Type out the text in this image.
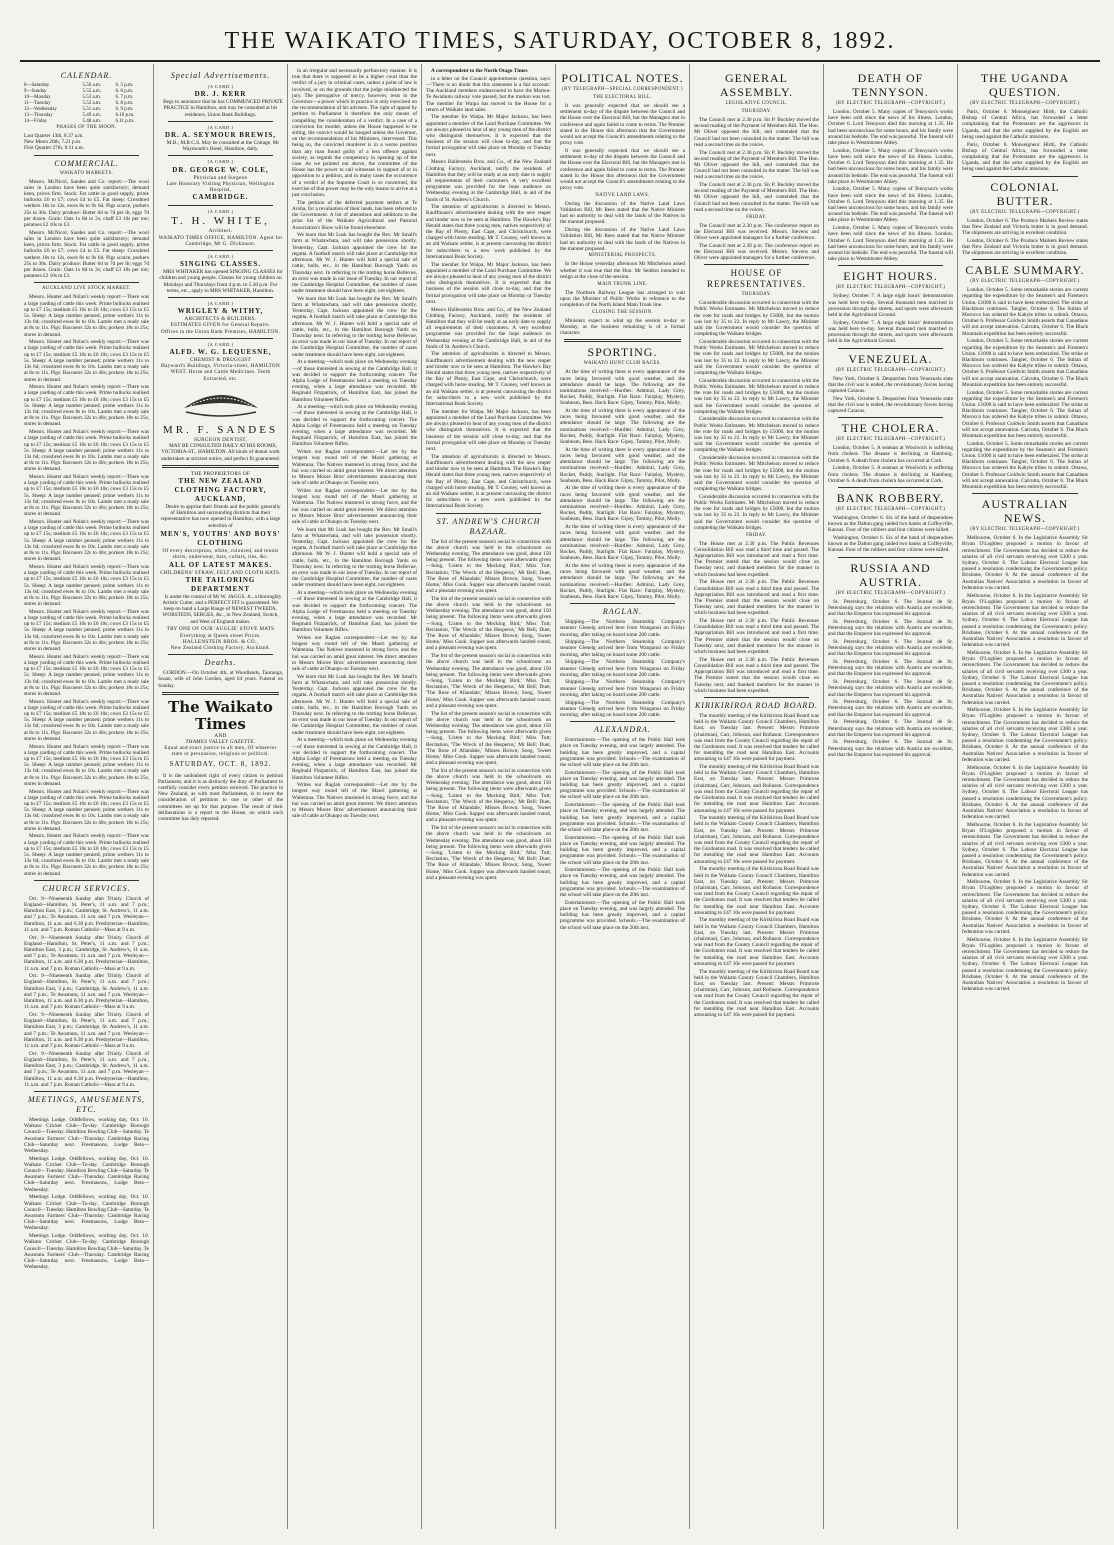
THE WAIKATO TIMES, SATURDAY, OCTOBER 8, 1892.
CALENDAR.
8—Saturday	5.56 a.m.	6. 5 p.m.
9—Sunday	5.55 a.m.	6. 6 p.m.
10—Monday	5.53 a.m.	6. 7 p.m.
11—Tuesday	5.52 a.m.	6. 8 p.m.
12—Wednesday	5.51 a.m.	6. 9 p.m.
13—Thursday	5.49 a.m.	6.10 p.m.
14—Friday	5.48 a.m.	6.11 p.m.
PHASES OF THE MOON.
Last Quarter 13th, 8.37 a.m.
New Moon 20th, 7.21 p.m.
First Quarter 27th, 9.11 a.m.
COMMERCIAL.
WAIKATO MARKETS.

Messrs. McNicol, Sandes and Co. report:—The wool sales in London have been quite satisfactory; demand keen, prices firm. Stock: Fat cattle in good supply, prime bullocks £6 to £7; cows £4 to £5. Fat sheep: Crossbred wethers 10s to 12s, ewes 8s to 9s 6d. Pigs scarce, porkers 25s to 30s. Dairy produce: Butter 6d to 7d per lb; eggs 7d per dozen. Grain: Oats 1s 8d to 2s; chaff £3 10s per ton; potatoes £2 10s to £3.

Messrs. McNicol, Sandes and Co. report:—The wool sales in London have been quite satisfactory; demand keen, prices firm. Stock: Fat cattle in good supply, prime bullocks £6 to £7; cows £4 to £5. Fat sheep: Crossbred wethers 10s to 12s, ewes 8s to 9s 6d. Pigs scarce, porkers 25s to 30s. Dairy produce: Butter 6d to 7d per lb; eggs 7d per dozen. Grain: Oats 1s 8d to 2s; chaff £3 10s per ton; potatoes £2 10s to £3.

AUCKLAND LIVE STOCK MARKET.

Messrs. Hunter and Nolan's weekly report:—There was a large yarding of cattle this week. Prime bullocks realised up to £7 15s; medium £5 10s to £6 10s; cows £3 15s to £5 5s. Sheep: A large number penned; prime wethers 11s to 13s 6d; crossbred ewes 8s to 10s. Lambs met a ready sale at 8s to 11s. Pigs: Baconers 32s to 40s; porkers 18s to 25s; stores in demand.

Messrs. Hunter and Nolan's weekly report:—There was a large yarding of cattle this week. Prime bullocks realised up to £7 15s; medium £5 10s to £6 10s; cows £3 15s to £5 5s. Sheep: A large number penned; prime wethers 11s to 13s 6d; crossbred ewes 8s to 10s. Lambs met a ready sale at 8s to 11s. Pigs: Baconers 32s to 40s; porkers 18s to 25s; stores in demand.

Messrs. Hunter and Nolan's weekly report:—There was a large yarding of cattle this week. Prime bullocks realised up to £7 15s; medium £5 10s to £6 10s; cows £3 15s to £5 5s. Sheep: A large number penned; prime wethers 11s to 13s 6d; crossbred ewes 8s to 10s. Lambs met a ready sale at 8s to 11s. Pigs: Baconers 32s to 40s; porkers 18s to 25s; stores in demand.

Messrs. Hunter and Nolan's weekly report:—There was a large yarding of cattle this week. Prime bullocks realised up to £7 15s; medium £5 10s to £6 10s; cows £3 15s to £5 5s. Sheep: A large number penned; prime wethers 11s to 13s 6d; crossbred ewes 8s to 10s. Lambs met a ready sale at 8s to 11s. Pigs: Baconers 32s to 40s; porkers 18s to 25s; stores in demand.

Messrs. Hunter and Nolan's weekly report:—There was a large yarding of cattle this week. Prime bullocks realised up to £7 15s; medium £5 10s to £6 10s; cows £3 15s to £5 5s. Sheep: A large number penned; prime wethers 11s to 13s 6d; crossbred ewes 8s to 10s. Lambs met a ready sale at 8s to 11s. Pigs: Baconers 32s to 40s; porkers 18s to 25s; stores in demand.

Messrs. Hunter and Nolan's weekly report:—There was a large yarding of cattle this week. Prime bullocks realised up to £7 15s; medium £5 10s to £6 10s; cows £3 15s to £5 5s. Sheep: A large number penned; prime wethers 11s to 13s 6d; crossbred ewes 8s to 10s. Lambs met a ready sale at 8s to 11s. Pigs: Baconers 32s to 40s; porkers 18s to 25s; stores in demand.

Messrs. Hunter and Nolan's weekly report:—There was a large yarding of cattle this week. Prime bullocks realised up to £7 15s; medium £5 10s to £6 10s; cows £3 15s to £5 5s. Sheep: A large number penned; prime wethers 11s to 13s 6d; crossbred ewes 8s to 10s. Lambs met a ready sale at 8s to 11s. Pigs: Baconers 32s to 40s; porkers 18s to 25s; stores in demand.

Messrs. Hunter and Nolan's weekly report:—There was a large yarding of cattle this week. Prime bullocks realised up to £7 15s; medium £5 10s to £6 10s; cows £3 15s to £5 5s. Sheep: A large number penned; prime wethers 11s to 13s 6d; crossbred ewes 8s to 10s. Lambs met a ready sale at 8s to 11s. Pigs: Baconers 32s to 40s; porkers 18s to 25s; stores in demand.

Messrs. Hunter and Nolan's weekly report:—There was a large yarding of cattle this week. Prime bullocks realised up to £7 15s; medium £5 10s to £6 10s; cows £3 15s to £5 5s. Sheep: A large number penned; prime wethers 11s to 13s 6d; crossbred ewes 8s to 10s. Lambs met a ready sale at 8s to 11s. Pigs: Baconers 32s to 40s; porkers 18s to 25s; stores in demand.

Messrs. Hunter and Nolan's weekly report:—There was a large yarding of cattle this week. Prime bullocks realised up to £7 15s; medium £5 10s to £6 10s; cows £3 15s to £5 5s. Sheep: A large number penned; prime wethers 11s to 13s 6d; crossbred ewes 8s to 10s. Lambs met a ready sale at 8s to 11s. Pigs: Baconers 32s to 40s; porkers 18s to 25s; stores in demand.

Messrs. Hunter and Nolan's weekly report:—There was a large yarding of cattle this week. Prime bullocks realised up to £7 15s; medium £5 10s to £6 10s; cows £3 15s to £5 5s. Sheep: A large number penned; prime wethers 11s to 13s 6d; crossbred ewes 8s to 10s. Lambs met a ready sale at 8s to 11s. Pigs: Baconers 32s to 40s; porkers 18s to 25s; stores in demand.

Messrs. Hunter and Nolan's weekly report:—There was a large yarding of cattle this week. Prime bullocks realised up to £7 15s; medium £5 10s to £6 10s; cows £3 15s to £5 5s. Sheep: A large number penned; prime wethers 11s to 13s 6d; crossbred ewes 8s to 10s. Lambs met a ready sale at 8s to 11s. Pigs: Baconers 32s to 40s; porkers 18s to 25s; stores in demand.

Messrs. Hunter and Nolan's weekly report:—There was a large yarding of cattle this week. Prime bullocks realised up to £7 15s; medium £5 10s to £6 10s; cows £3 15s to £5 5s. Sheep: A large number penned; prime wethers 11s to 13s 6d; crossbred ewes 8s to 10s. Lambs met a ready sale at 8s to 11s. Pigs: Baconers 32s to 40s; porkers 18s to 25s; stores in demand.

CHURCH SERVICES.

Oct. 9—Nineteenth Sunday after Trinity. Church of England—Hamilton, St. Peter's, 11 a.m. and 7 p.m.; Hamilton East, 3 p.m.; Cambridge, St. Andrew's, 11 a.m. and 7 p.m.; Te Awamutu, 11 a.m. and 7 p.m. Wesleyan—Hamilton, 11 a.m. and 6.30 p.m. Presbyterian—Hamilton, 11 a.m. and 7 p.m. Roman Catholic—Mass at 9 a.m.

Oct. 9—Nineteenth Sunday after Trinity. Church of England—Hamilton, St. Peter's, 11 a.m. and 7 p.m.; Hamilton East, 3 p.m.; Cambridge, St. Andrew's, 11 a.m. and 7 p.m.; Te Awamutu, 11 a.m. and 7 p.m. Wesleyan—Hamilton, 11 a.m. and 6.30 p.m. Presbyterian—Hamilton, 11 a.m. and 7 p.m. Roman Catholic—Mass at 9 a.m.

Oct. 9—Nineteenth Sunday after Trinity. Church of England—Hamilton, St. Peter's, 11 a.m. and 7 p.m.; Hamilton East, 3 p.m.; Cambridge, St. Andrew's, 11 a.m. and 7 p.m.; Te Awamutu, 11 a.m. and 7 p.m. Wesleyan—Hamilton, 11 a.m. and 6.30 p.m. Presbyterian—Hamilton, 11 a.m. and 7 p.m. Roman Catholic—Mass at 9 a.m.

Oct. 9—Nineteenth Sunday after Trinity. Church of England—Hamilton, St. Peter's, 11 a.m. and 7 p.m.; Hamilton East, 3 p.m.; Cambridge, St. Andrew's, 11 a.m. and 7 p.m.; Te Awamutu, 11 a.m. and 7 p.m. Wesleyan—Hamilton, 11 a.m. and 6.30 p.m. Presbyterian—Hamilton, 11 a.m. and 7 p.m. Roman Catholic—Mass at 9 a.m.

Oct. 9—Nineteenth Sunday after Trinity. Church of England—Hamilton, St. Peter's, 11 a.m. and 7 p.m.; Hamilton East, 3 p.m.; Cambridge, St. Andrew's, 11 a.m. and 7 p.m.; Te Awamutu, 11 a.m. and 7 p.m. Wesleyan—Hamilton, 11 a.m. and 6.30 p.m. Presbyterian—Hamilton, 11 a.m. and 7 p.m. Roman Catholic—Mass at 9 a.m.

MEETINGS, AMUSEMENTS, ETC.

Meetings Lodge. Oddfellows, working day, Oct. 10. Waikato Cricket Club—To-day. Cambridge Borough Council—Tuesday. Hamilton Bowling Club—Saturday. Te Awamutu Farmers' Club—Thursday. Cambridge Racing Club—Saturday next. Freemasons, Lodge Beta—Wednesday.

Meetings Lodge. Oddfellows, working day, Oct. 10. Waikato Cricket Club—To-day. Cambridge Borough Council—Tuesday. Hamilton Bowling Club—Saturday. Te Awamutu Farmers' Club—Thursday. Cambridge Racing Club—Saturday next. Freemasons, Lodge Beta—Wednesday.

Meetings Lodge. Oddfellows, working day, Oct. 10. Waikato Cricket Club—To-day. Cambridge Borough Council—Tuesday. Hamilton Bowling Club—Saturday. Te Awamutu Farmers' Club—Thursday. Cambridge Racing Club—Saturday next. Freemasons, Lodge Beta—Wednesday.

Meetings Lodge. Oddfellows, working day, Oct. 10. Waikato Cricket Club—To-day. Cambridge Borough Council—Tuesday. Hamilton Bowling Club—Saturday. Te Awamutu Farmers' Club—Thursday. Cambridge Racing Club—Saturday next. Freemasons, Lodge Beta—Wednesday.

Special Advertisements.
[A CARD.]
DR. J. KERR

Begs to announce that he has COMMENCED PRIVATE PRACTICE in Hamilton, and may be consulted at his residence, Union Bank Buildings.

[A CARD.]
DR. A. SEYMOUR BREWIS,

M.B., M.R.C.S. May be consulted at the Cottage, Mr Waymouth's Hotel, Hamilton, daily.

[A CARD.]
DR. GEORGE W. COLE,
Physician and Surgeon
Late Honorary Visiting Physician, Wellington Hospital,
CAMBRIDGE.
[A CARD.]
T. H. WHITE,
Architect.
WAIKATO TIMES OFFICE, HAMILTON. Agent for Cambridge, Mr G. Dickinson.
[A CARD.]
SINGING CLASSES.

MRS WHITAKER has opened SINGING CLASSES for children and young people. Classes for young children on Mondays and Thursdays from 4 p.m. to 5.30 p.m. For terms, etc., apply to MRS WHITAKER, Hamilton.

[A CARD.]
WRIGLEY & WITHY,
ARCHITECTS & BUILDERS.
ESTIMATES GIVEN for General Repairs.
Offices in the Union Bank Premises, HAMILTON.
[A CARD.]
ALFD. W. G. LEQUESNE,
CHEMIST & DRUGGIST
Hayward's Buildings, Victoria-street, HAMILTON WEST. Horse and Cattle Medicines. Teeth Extracted, etc.
MR. F. SANDES
SURGEON DENTIST,

MAY BE CONSULTED DAILY AT HIS ROOMS, VICTORIA-ST., HAMILTON. All kinds of dental work undertaken at strictest notice, and perfect fit guaranteed.

THE PROPRIETORS OF
THE NEW ZEALAND CLOTHING FACTORY, AUCKLAND,

Desire to apprise their friends and the public generally of Hamilton and surrounding districts that their representative has now opened in Hamilton, with a large selection of

MEN'S, YOUTHS' AND BOYS' CLOTHING
Of every description, white, coloured, and tennis shirts, underwear, hats, collars, ties, &c.
ALL OF LATEST MAKES.
CHILDRENS' STRAW, FELT AND CLOTH HATS.
THE TAILORING DEPARTMENT

Is under the control of Mr W. JAGGS, Jr., a thoroughly Artistic Cutter, and a PERFECT FIT is guaranteed. We keep on hand a Large Range of NEWEST TWEEDS, WORSTEDS, SERGES, &c., in New Zealand, Scotch, and West of England makes.

TRY ONE OF OUR 'AUGLIE' STOVE MATS
Everything at Queen street Prices.
HALLENSTEIN BROS. & CO.,
New Zealand Clothing Factory, Auckland.
Deaths.

GORDON.—On October 4th, at Woodlands, Tauranga, Susan, wife of John Gordon, aged 64 years. Funeral on Sunday.

The Waikato Times
AND
THAMES VALLEY GAZETTE.
Equal and exact justice to all men, Of whatever state or persuasion, religious or political.
SATURDAY, OCT. 8, 1892.

It is the undoubted right of every citizen to petition Parliament, and it is as distinctly the duty of Parliament to carefully consider every petition received. The practice in New Zealand, as with most Parliaments, is to leave the consideration of petitions to one or other of the committees set up for that purpose. The result of their deliberations is a report to the House, on which each committee has duly reported.

in an irregular and necessarily perfunctory manner. It is true that there is supposed to be a higher court than the verdict of a jury in criminal cases, unless a point of law is involved, or on the grounds that the judge misdirected the jury. The prerogative of mercy, however, rests in the Governor—a power which in practice is only exercised on the recommendation of his advisers. The right of appeal by petition to Parliament is therefore the only means of compelling the consideration of a verdict. In a case of a conviction for murder, unless the House happened to be sitting, the convict would be hanged unless the Governor, on the recommendation of his Ministers, intervened. This being so, the convicted murderer is in a worse position than any man found guilty of a less offence against society, as regards the competency in opening up of the case. As we pointed out above, the committee of the House has the power to call witnesses in support of or in opposition to a petition, and in many cases the occurrence of a verdict of the Supreme Court is so concerned, the exercise of that power may be the only means to arrive at a just conclusion.

The petition of the deferred payment settlers at Te Aroha, for a revaluation of their lands, has been referred to the Government. A list of alterations and additions to the prize list of the Waikato Agricultural and Pastoral Association's Show will be found elsewhere.

We learn that Mr Lusk has bought the Rev. Mr Small's farm at Whatawhata, and will take possession shortly. Yesterday, Capt. Jackson appointed the crew for the regatta. A football match will take place at Cambridge this afternoon. Mr W. J. Hunter will hold a special sale of cattle, bulls, etc., in the Hamilton Borough Yards on Thursday next. In referring to the trotting horse Bellevue, an error was made in our issue of Tuesday. In our report of the Cambridge Hospital Committee, the number of cases under treatment should have been eight, not eighteen.

We learn that Mr Lusk has bought the Rev. Mr Small's farm at Whatawhata, and will take possession shortly. Yesterday, Capt. Jackson appointed the crew for the regatta. A football match will take place at Cambridge this afternoon. Mr W. J. Hunter will hold a special sale of cattle, bulls, etc., in the Hamilton Borough Yards on Thursday next. In referring to the trotting horse Bellevue, an error was made in our issue of Tuesday. In our report of the Cambridge Hospital Committee, the number of cases under treatment should have been eight, not eighteen.

At a meeting—which took place on Wednesday evening—of those interested in sewing at the Cambridge Hall, it was decided to support the forthcoming concert. The Alpha Lodge of Freemasons held a meeting on Tuesday evening, when a large attendance was recorded. Mr Reginald Fitzpatrick, of Hamilton East, has joined the Hamilton Volunteer Rifles.

At a meeting—which took place on Wednesday evening—of those interested in sewing at the Cambridge Hall, it was decided to support the forthcoming concert. The Alpha Lodge of Freemasons held a meeting on Tuesday evening, when a large attendance was recorded. Mr Reginald Fitzpatrick, of Hamilton East, has joined the Hamilton Volunteer Rifles.

Writes our Raglan correspondent:—Let me by the longest way round tell of the Maori gathering at Waitetuna. The Natives mustered in strong force, and the hui was carried on amid great interest. We direct attention to Messrs Moore Bros' advertisement announcing their sale of cattle at Ohaupo on Tuesday next.

Writes our Raglan correspondent:—Let me by the longest way round tell of the Maori gathering at Waitetuna. The Natives mustered in strong force, and the hui was carried on amid great interest. We direct attention to Messrs Moore Bros' advertisement announcing their sale of cattle at Ohaupo on Tuesday next.

We learn that Mr Lusk has bought the Rev. Mr Small's farm at Whatawhata, and will take possession shortly. Yesterday, Capt. Jackson appointed the crew for the regatta. A football match will take place at Cambridge this afternoon. Mr W. J. Hunter will hold a special sale of cattle, bulls, etc., in the Hamilton Borough Yards on Thursday next. In referring to the trotting horse Bellevue, an error was made in our issue of Tuesday. In our report of the Cambridge Hospital Committee, the number of cases under treatment should have been eight, not eighteen.

At a meeting—which took place on Wednesday evening—of those interested in sewing at the Cambridge Hall, it was decided to support the forthcoming concert. The Alpha Lodge of Freemasons held a meeting on Tuesday evening, when a large attendance was recorded. Mr Reginald Fitzpatrick, of Hamilton East, has joined the Hamilton Volunteer Rifles.

Writes our Raglan correspondent:—Let me by the longest way round tell of the Maori gathering at Waitetuna. The Natives mustered in strong force, and the hui was carried on amid great interest. We direct attention to Messrs Moore Bros' advertisement announcing their sale of cattle at Ohaupo on Tuesday next.

We learn that Mr Lusk has bought the Rev. Mr Small's farm at Whatawhata, and will take possession shortly. Yesterday, Capt. Jackson appointed the crew for the regatta. A football match will take place at Cambridge this afternoon. Mr W. J. Hunter will hold a special sale of cattle, bulls, etc., in the Hamilton Borough Yards on Thursday next. In referring to the trotting horse Bellevue, an error was made in our issue of Tuesday. In our report of the Cambridge Hospital Committee, the number of cases under treatment should have been eight, not eighteen.

At a meeting—which took place on Wednesday evening—of those interested in sewing at the Cambridge Hall, it was decided to support the forthcoming concert. The Alpha Lodge of Freemasons held a meeting on Tuesday evening, when a large attendance was recorded. Mr Reginald Fitzpatrick, of Hamilton East, has joined the Hamilton Volunteer Rifles.

Writes our Raglan correspondent:—Let me by the longest way round tell of the Maori gathering at Waitetuna. The Natives mustered in strong force, and the hui was carried on amid great interest. We direct attention to Messrs Moore Bros' advertisement announcing their sale of cattle at Ohaupo on Tuesday next.

A correspondent to the North Otago Times

in a letter on the Council appointments question, says:—'There is no doubt that this statement is a fair account.' The Auckland members endeavoured to have the Marton-Te Awamutu railway vote passed, but the motion was lost. The member for Waipa has moved in the House for a return of Waikato land sales.

The member for Waipa, Mr Major Jackson, has been appointed a member of the Land Purchase Committee. We are always pleased to hear of any young men of the district who distinguish themselves. It is expected that the business of the session will close to-day, and that the formal prorogation will take place on Monday or Tuesday next.

Messrs Hallenstein Bros. and Co., of the New Zealand Clothing Factory, Auckland, notify the residents of Hamilton that they will be ready at an early date to supply all requirements of their customers. A very excellent programme was provided for the hops audience on Wednesday evening at the Cambridge Hall, in aid of the funds of St. Andrew's Church.

The attention of agriculturists is directed to Messrs. Kauffmann's advertisement dealing with the new reaper and binder now to be seen at Hamilton. The Hawke's Bay Herald states that three young men, natives respectively of the Bay of Plenty, East Cape, and Christchurch, were charged with horse stealing. Mr T. Cooney, well known as an old Waikato settler, is at present canvassing the district for subscribers to a new work published by the International Book Society.

The member for Waipa, Mr Major Jackson, has been appointed a member of the Land Purchase Committee. We are always pleased to hear of any young men of the district who distinguish themselves. It is expected that the business of the session will close to-day, and that the formal prorogation will take place on Monday or Tuesday next.

Messrs Hallenstein Bros. and Co., of the New Zealand Clothing Factory, Auckland, notify the residents of Hamilton that they will be ready at an early date to supply all requirements of their customers. A very excellent programme was provided for the hops audience on Wednesday evening at the Cambridge Hall, in aid of the funds of St. Andrew's Church.

The attention of agriculturists is directed to Messrs. Kauffmann's advertisement dealing with the new reaper and binder now to be seen at Hamilton. The Hawke's Bay Herald states that three young men, natives respectively of the Bay of Plenty, East Cape, and Christchurch, were charged with horse stealing. Mr T. Cooney, well known as an old Waikato settler, is at present canvassing the district for subscribers to a new work published by the International Book Society.

The member for Waipa, Mr Major Jackson, has been appointed a member of the Land Purchase Committee. We are always pleased to hear of any young men of the district who distinguish themselves. It is expected that the business of the session will close to-day, and that the formal prorogation will take place on Monday or Tuesday next.

The attention of agriculturists is directed to Messrs. Kauffmann's advertisement dealing with the new reaper and binder now to be seen at Hamilton. The Hawke's Bay Herald states that three young men, natives respectively of the Bay of Plenty, East Cape, and Christchurch, were charged with horse stealing. Mr T. Cooney, well known as an old Waikato settler, is at present canvassing the district for subscribers to a new work published by the International Book Society.

ST. ANDREW'S CHURCH BAZAAR.

The list of the present season's social in connection with the above church was held in the schoolroom on Wednesday evening. The attendance was good, about 150 being present. The following items were afterwards given—Song, 'Listen to the Mocking Bird,' Miss Tutt; Recitation, 'The Wreck of the Hesperus,' Mr Bell; Duet, 'The Rose of Allandale,' Misses Brown; Song, 'Sweet Home,' Miss Cook. Supper was afterwards handed round, and a pleasant evening was spent.

The list of the present season's social in connection with the above church was held in the schoolroom on Wednesday evening. The attendance was good, about 150 being present. The following items were afterwards given—Song, 'Listen to the Mocking Bird,' Miss Tutt; Recitation, 'The Wreck of the Hesperus,' Mr Bell; Duet, 'The Rose of Allandale,' Misses Brown; Song, 'Sweet Home,' Miss Cook. Supper was afterwards handed round, and a pleasant evening was spent.

The list of the present season's social in connection with the above church was held in the schoolroom on Wednesday evening. The attendance was good, about 150 being present. The following items were afterwards given—Song, 'Listen to the Mocking Bird,' Miss Tutt; Recitation, 'The Wreck of the Hesperus,' Mr Bell; Duet, 'The Rose of Allandale,' Misses Brown; Song, 'Sweet Home,' Miss Cook. Supper was afterwards handed round, and a pleasant evening was spent.

The list of the present season's social in connection with the above church was held in the schoolroom on Wednesday evening. The attendance was good, about 150 being present. The following items were afterwards given—Song, 'Listen to the Mocking Bird,' Miss Tutt; Recitation, 'The Wreck of the Hesperus,' Mr Bell; Duet, 'The Rose of Allandale,' Misses Brown; Song, 'Sweet Home,' Miss Cook. Supper was afterwards handed round, and a pleasant evening was spent.

The list of the present season's social in connection with the above church was held in the schoolroom on Wednesday evening. The attendance was good, about 150 being present. The following items were afterwards given—Song, 'Listen to the Mocking Bird,' Miss Tutt; Recitation, 'The Wreck of the Hesperus,' Mr Bell; Duet, 'The Rose of Allandale,' Misses Brown; Song, 'Sweet Home,' Miss Cook. Supper was afterwards handed round, and a pleasant evening was spent.

The list of the present season's social in connection with the above church was held in the schoolroom on Wednesday evening. The attendance was good, about 150 being present. The following items were afterwards given—Song, 'Listen to the Mocking Bird,' Miss Tutt; Recitation, 'The Wreck of the Hesperus,' Mr Bell; Duet, 'The Rose of Allandale,' Misses Brown; Song, 'Sweet Home,' Miss Cook. Supper was afterwards handed round, and a pleasant evening was spent.

POLITICAL NOTES.
(BY TELEGRAPH—SPECIAL CORRESPONDENT.)
THE ELECTORAL BILL.

It was generally expected that we should see a settlement to-day of the dispute between the Council and the House over the Electoral Bill, but the Managers met in conference and again failed to come to terms. The Premier stated in the House this afternoon that the Government would not accept the Council's amendments relating to the proxy vote.

It was generally expected that we should see a settlement to-day of the dispute between the Council and the House over the Electoral Bill, but the Managers met in conference and again failed to come to terms. The Premier stated in the House this afternoon that the Government would not accept the Council's amendments relating to the proxy vote.

NATIVE LAND LAWS.

During the discussion of the Native Land Laws Validation Bill, Mr Rees stated that the Native Minister had no authority to deal with the lands of the Natives in the manner proposed.

During the discussion of the Native Land Laws Validation Bill, Mr Rees stated that the Native Minister had no authority to deal with the lands of the Natives in the manner proposed.

MINISTERIAL PROSPECTS.

In the House yesterday afternoon Mr Mitchelson asked whether it was true that the Hon. Mr Seddon intended to resign at the close of the session.

MAIN TRUNK LINE.

The Northern Railway League has arranged to wait upon the Minister of Public Works in reference to the completion of the North Island Main Trunk line.

CLOSING THE SESSION.

Ministers expect to wind up the session to-day or Monday, as the business remaining is of a formal character.

SPORTING.
WAIKATO HUNT CLUB RACES.

At the time of writing there is every appearance of the races being favoured with good weather, and the attendance should be large. The following are the nominations received:—Hurdles: Admiral, Lady Grey, Rocket, Paddy, Starlight. Flat Race: Fairplay, Mystery, Sunbeam, Bess. Hack Race: Gipsy, Tommy, Pilot, Molly.

At the time of writing there is every appearance of the races being favoured with good weather, and the attendance should be large. The following are the nominations received:—Hurdles: Admiral, Lady Grey, Rocket, Paddy, Starlight. Flat Race: Fairplay, Mystery, Sunbeam, Bess. Hack Race: Gipsy, Tommy, Pilot, Molly.

At the time of writing there is every appearance of the races being favoured with good weather, and the attendance should be large. The following are the nominations received:—Hurdles: Admiral, Lady Grey, Rocket, Paddy, Starlight. Flat Race: Fairplay, Mystery, Sunbeam, Bess. Hack Race: Gipsy, Tommy, Pilot, Molly.

At the time of writing there is every appearance of the races being favoured with good weather, and the attendance should be large. The following are the nominations received:—Hurdles: Admiral, Lady Grey, Rocket, Paddy, Starlight. Flat Race: Fairplay, Mystery, Sunbeam, Bess. Hack Race: Gipsy, Tommy, Pilot, Molly.

At the time of writing there is every appearance of the races being favoured with good weather, and the attendance should be large. The following are the nominations received:—Hurdles: Admiral, Lady Grey, Rocket, Paddy, Starlight. Flat Race: Fairplay, Mystery, Sunbeam, Bess. Hack Race: Gipsy, Tommy, Pilot, Molly.

At the time of writing there is every appearance of the races being favoured with good weather, and the attendance should be large. The following are the nominations received:—Hurdles: Admiral, Lady Grey, Rocket, Paddy, Starlight. Flat Race: Fairplay, Mystery, Sunbeam, Bess. Hack Race: Gipsy, Tommy, Pilot, Molly.

RAGLAN.

Shipping.—The Northern Steamship Company's steamer Glenelg arrived here from Wanganui on Friday morning, after taking on board some 200 cattle.

Shipping.—The Northern Steamship Company's steamer Glenelg arrived here from Wanganui on Friday morning, after taking on board some 200 cattle.

Shipping.—The Northern Steamship Company's steamer Glenelg arrived here from Wanganui on Friday morning, after taking on board some 200 cattle.

Shipping.—The Northern Steamship Company's steamer Glenelg arrived here from Wanganui on Friday morning, after taking on board some 200 cattle.

Shipping.—The Northern Steamship Company's steamer Glenelg arrived here from Wanganui on Friday morning, after taking on board some 200 cattle.

ALEXANDRA.

Entertainment.—The opening of the Public Hall took place on Tuesday evening, and was largely attended. The building has been greatly improved, and a capital programme was provided. Schools.—The examination of the school will take place on the 20th inst.

Entertainment.—The opening of the Public Hall took place on Tuesday evening, and was largely attended. The building has been greatly improved, and a capital programme was provided. Schools.—The examination of the school will take place on the 20th inst.

Entertainment.—The opening of the Public Hall took place on Tuesday evening, and was largely attended. The building has been greatly improved, and a capital programme was provided. Schools.—The examination of the school will take place on the 20th inst.

Entertainment.—The opening of the Public Hall took place on Tuesday evening, and was largely attended. The building has been greatly improved, and a capital programme was provided. Schools.—The examination of the school will take place on the 20th inst.

Entertainment.—The opening of the Public Hall took place on Tuesday evening, and was largely attended. The building has been greatly improved, and a capital programme was provided. Schools.—The examination of the school will take place on the 20th inst.

Entertainment.—The opening of the Public Hall took place on Tuesday evening, and was largely attended. The building has been greatly improved, and a capital programme was provided. Schools.—The examination of the school will take place on the 20th inst.

GENERAL ASSEMBLY.
LEGISLATIVE COUNCIL.
THURSDAY.

The Council met at 2.30 p.m. Sir P. Buckley moved the second reading of the Payment of Members Bill. The Hon. Mr Oliver opposed the bill, and contended that the Council had not been consulted in the matter. The bill was read a second time on the voices.

The Council met at 2.30 p.m. Sir P. Buckley moved the second reading of the Payment of Members Bill. The Hon. Mr Oliver opposed the bill, and contended that the Council had not been consulted in the matter. The bill was read a second time on the voices.

The Council met at 2.30 p.m. Sir P. Buckley moved the second reading of the Payment of Members Bill. The Hon. Mr Oliver opposed the bill, and contended that the Council had not been consulted in the matter. The bill was read a second time on the voices.

FRIDAY.

The Council met at 2.30 p.m. The conference report on the Electoral Bill was received. Messrs. Stevens and Oliver were appointed managers for a further conference.

The Council met at 2.30 p.m. The conference report on the Electoral Bill was received. Messrs. Stevens and Oliver were appointed managers for a further conference.

HOUSE OF REPRESENTATIVES.
THURSDAY.

Considerable discussion occurred in connection with the Public Works Estimates. Mr Mitchelson moved to reduce the vote for roads and bridges by £5000, but the motion was lost by 35 to 22. In reply to Mr Lawry, the Minister said the Government would consider the question of completing the Waikato bridges.

Considerable discussion occurred in connection with the Public Works Estimates. Mr Mitchelson moved to reduce the vote for roads and bridges by £5000, but the motion was lost by 35 to 22. In reply to Mr Lawry, the Minister said the Government would consider the question of completing the Waikato bridges.

Considerable discussion occurred in connection with the Public Works Estimates. Mr Mitchelson moved to reduce the vote for roads and bridges by £5000, but the motion was lost by 35 to 22. In reply to Mr Lawry, the Minister said the Government would consider the question of completing the Waikato bridges.

Considerable discussion occurred in connection with the Public Works Estimates. Mr Mitchelson moved to reduce the vote for roads and bridges by £5000, but the motion was lost by 35 to 22. In reply to Mr Lawry, the Minister said the Government would consider the question of completing the Waikato bridges.

Considerable discussion occurred in connection with the Public Works Estimates. Mr Mitchelson moved to reduce the vote for roads and bridges by £5000, but the motion was lost by 35 to 22. In reply to Mr Lawry, the Minister said the Government would consider the question of completing the Waikato bridges.

Considerable discussion occurred in connection with the Public Works Estimates. Mr Mitchelson moved to reduce the vote for roads and bridges by £5000, but the motion was lost by 35 to 22. In reply to Mr Lawry, the Minister said the Government would consider the question of completing the Waikato bridges.

FRIDAY.

The House met at 2.30 p.m. The Public Revenues Consolidation Bill was read a third time and passed. The Appropriation Bill was introduced and read a first time. The Premier stated that the session would close on Tuesday next, and thanked members for the manner in which business had been expedited.

The House met at 2.30 p.m. The Public Revenues Consolidation Bill was read a third time and passed. The Appropriation Bill was introduced and read a first time. The Premier stated that the session would close on Tuesday next, and thanked members for the manner in which business had been expedited.

The House met at 2.30 p.m. The Public Revenues Consolidation Bill was read a third time and passed. The Appropriation Bill was introduced and read a first time. The Premier stated that the session would close on Tuesday next, and thanked members for the manner in which business had been expedited.

The House met at 2.30 p.m. The Public Revenues Consolidation Bill was read a third time and passed. The Appropriation Bill was introduced and read a first time. The Premier stated that the session would close on Tuesday next, and thanked members for the manner in which business had been expedited.

KIRIKIRIROA ROAD BOARD.

The monthly meeting of the Kirikiriroa Road Board was held in the Waikato County Council Chambers, Hamilton East, on Tuesday last. Present: Messrs Primrose (chairman), Carr, Johnson, and Rollason. Correspondence was read from the County Council regarding the repair of the Gordonton road. It was resolved that tenders be called for metalling the road near Hamilton East. Accounts amounting to £47 10s were passed for payment.

The monthly meeting of the Kirikiriroa Road Board was held in the Waikato County Council Chambers, Hamilton East, on Tuesday last. Present: Messrs Primrose (chairman), Carr, Johnson, and Rollason. Correspondence was read from the County Council regarding the repair of the Gordonton road. It was resolved that tenders be called for metalling the road near Hamilton East. Accounts amounting to £47 10s were passed for payment.

The monthly meeting of the Kirikiriroa Road Board was held in the Waikato County Council Chambers, Hamilton East, on Tuesday last. Present: Messrs Primrose (chairman), Carr, Johnson, and Rollason. Correspondence was read from the County Council regarding the repair of the Gordonton road. It was resolved that tenders be called for metalling the road near Hamilton East. Accounts amounting to £47 10s were passed for payment.

The monthly meeting of the Kirikiriroa Road Board was held in the Waikato County Council Chambers, Hamilton East, on Tuesday last. Present: Messrs Primrose (chairman), Carr, Johnson, and Rollason. Correspondence was read from the County Council regarding the repair of the Gordonton road. It was resolved that tenders be called for metalling the road near Hamilton East. Accounts amounting to £47 10s were passed for payment.

The monthly meeting of the Kirikiriroa Road Board was held in the Waikato County Council Chambers, Hamilton East, on Tuesday last. Present: Messrs Primrose (chairman), Carr, Johnson, and Rollason. Correspondence was read from the County Council regarding the repair of the Gordonton road. It was resolved that tenders be called for metalling the road near Hamilton East. Accounts amounting to £47 10s were passed for payment.

The monthly meeting of the Kirikiriroa Road Board was held in the Waikato County Council Chambers, Hamilton East, on Tuesday last. Present: Messrs Primrose (chairman), Carr, Johnson, and Rollason. Correspondence was read from the County Council regarding the repair of the Gordonton road. It was resolved that tenders be called for metalling the road near Hamilton East. Accounts amounting to £47 10s were passed for payment.

DEATH OF TENNYSON.
(BY ELECTRIC TELEGRAPH—COPYRIGHT.)

London, October 5. Many copies of Tennyson's works have been sold since the news of his illness. London, October 6. Lord Tennyson died this morning at 1.35. He had been unconscious for some hours, and his family were around his bedside. The end was peaceful. The funeral will take place in Westminster Abbey.

London, October 5. Many copies of Tennyson's works have been sold since the news of his illness. London, October 6. Lord Tennyson died this morning at 1.35. He had been unconscious for some hours, and his family were around his bedside. The end was peaceful. The funeral will take place in Westminster Abbey.

London, October 5. Many copies of Tennyson's works have been sold since the news of his illness. London, October 6. Lord Tennyson died this morning at 1.35. He had been unconscious for some hours, and his family were around his bedside. The end was peaceful. The funeral will take place in Westminster Abbey.

London, October 5. Many copies of Tennyson's works have been sold since the news of his illness. London, October 6. Lord Tennyson died this morning at 1.35. He had been unconscious for some hours, and his family were around his bedside. The end was peaceful. The funeral will take place in Westminster Abbey.

EIGHT HOURS.
(BY ELECTRIC TELEGRAPH—COPYRIGHT.)

Sydney, October 7. A large eight hours' demonstration was held here to-day. Several thousand men marched in procession through the streets, and sports were afterwards held in the Agricultural Ground.

Sydney, October 7. A large eight hours' demonstration was held here to-day. Several thousand men marched in procession through the streets, and sports were afterwards held in the Agricultural Ground.

VENEZUELA.
(BY ELECTRIC TELEGRAPH—COPYRIGHT.)

New York, October 6. Despatches from Venezuela state that the civil war is ended, the revolutionary forces having captured Caracas.

New York, October 6. Despatches from Venezuela state that the civil war is ended, the revolutionary forces having captured Caracas.

THE CHOLERA.
(BY ELECTRIC TELEGRAPH—COPYRIGHT.)

London, October 5. A seaman at Woolwich is suffering from cholera. The disease is declining at Hamburg. October 6. A death from cholera has occurred at Cork.

London, October 5. A seaman at Woolwich is suffering from cholera. The disease is declining at Hamburg. October 6. A death from cholera has occurred at Cork.

BANK ROBBERY.
(BY ELECTRIC TELEGRAPH—COPYRIGHT.)

Washington, October 6. Six of the band of desperadoes known as the Dalton gang raided two banks at Coffeyville, Kansas. Four of the robbers and four citizens were killed.

Washington, October 6. Six of the band of desperadoes known as the Dalton gang raided two banks at Coffeyville, Kansas. Four of the robbers and four citizens were killed.

RUSSIA AND AUSTRIA.
(BY ELECTRIC TELEGRAPH—COPYRIGHT.)

St. Petersburg, October 6. The Journal de St. Petersbourg says the relations with Austria are excellent, and that the Emperor has expressed his approval.

St. Petersburg, October 6. The Journal de St. Petersbourg says the relations with Austria are excellent, and that the Emperor has expressed his approval.

St. Petersburg, October 6. The Journal de St. Petersbourg says the relations with Austria are excellent, and that the Emperor has expressed his approval.

St. Petersburg, October 6. The Journal de St. Petersbourg says the relations with Austria are excellent, and that the Emperor has expressed his approval.

St. Petersburg, October 6. The Journal de St. Petersbourg says the relations with Austria are excellent, and that the Emperor has expressed his approval.

St. Petersburg, October 6. The Journal de St. Petersbourg says the relations with Austria are excellent, and that the Emperor has expressed his approval.

St. Petersburg, October 6. The Journal de St. Petersbourg says the relations with Austria are excellent, and that the Emperor has expressed his approval.

St. Petersburg, October 6. The Journal de St. Petersbourg says the relations with Austria are excellent, and that the Emperor has expressed his approval.

THE UGANDA QUESTION.
(BY ELECTRIC TELEGRAPH—COPYRIGHT.)

Paris, October 6. Monseigneur Hirth, the Catholic Bishop of Central Africa, has forwarded a letter complaining that the Protestants are the aggressors in Uganda, and that the arms supplied by the English are being used against the Catholic missions.

Paris, October 6. Monseigneur Hirth, the Catholic Bishop of Central Africa, has forwarded a letter complaining that the Protestants are the aggressors in Uganda, and that the arms supplied by the English are being used against the Catholic missions.

COLONIAL BUTTER.
(BY ELECTRIC TELEGRAPH—COPYRIGHT.)

London, October 6. The Produce Markets Review states that New Zealand and Victoria butter is in good demand. The shipments are arriving in excellent condition.

London, October 6. The Produce Markets Review states that New Zealand and Victoria butter is in good demand. The shipments are arriving in excellent condition.

CABLE SUMMARY.
(BY ELECTRIC TELEGRAPH—COPYRIGHT.)

London, October 5. Some remarkable stories are current regarding the expenditure by the Seamen's and Firemen's Union. £1000 is said to have been embezzled. The strike at Blackburn continues. Tangier, October 6. The Sultan of Morocco has ordered the Kabyle tribes to submit. Ottawa, October 6. Professor Goldwin Smith asserts that Canadians will not accept annexation. Calcutta, October 6. The Black Mountain expedition has been entirely successful.

London, October 5. Some remarkable stories are current regarding the expenditure by the Seamen's and Firemen's Union. £1000 is said to have been embezzled. The strike at Blackburn continues. Tangier, October 6. The Sultan of Morocco has ordered the Kabyle tribes to submit. Ottawa, October 6. Professor Goldwin Smith asserts that Canadians will not accept annexation. Calcutta, October 6. The Black Mountain expedition has been entirely successful.

London, October 5. Some remarkable stories are current regarding the expenditure by the Seamen's and Firemen's Union. £1000 is said to have been embezzled. The strike at Blackburn continues. Tangier, October 6. The Sultan of Morocco has ordered the Kabyle tribes to submit. Ottawa, October 6. Professor Goldwin Smith asserts that Canadians will not accept annexation. Calcutta, October 6. The Black Mountain expedition has been entirely successful.

London, October 5. Some remarkable stories are current regarding the expenditure by the Seamen's and Firemen's Union. £1000 is said to have been embezzled. The strike at Blackburn continues. Tangier, October 6. The Sultan of Morocco has ordered the Kabyle tribes to submit. Ottawa, October 6. Professor Goldwin Smith asserts that Canadians will not accept annexation. Calcutta, October 6. The Black Mountain expedition has been entirely successful.

AUSTRALIAN NEWS.
(BY ELECTRIC TELEGRAPH—COPYRIGHT.)

Melbourne, October 6. In the Legislative Assembly Sir Bryan O'Loghlen proposed a motion in favour of retrenchment. The Government has decided to reduce the salaries of all civil servants receiving over £300 a year. Sydney, October 6. The Labour Electoral League has passed a resolution condemning the Government's policy. Brisbane, October 6. At the annual conference of the Australian Natives' Association a resolution in favour of federation was carried.

Melbourne, October 6. In the Legislative Assembly Sir Bryan O'Loghlen proposed a motion in favour of retrenchment. The Government has decided to reduce the salaries of all civil servants receiving over £300 a year. Sydney, October 6. The Labour Electoral League has passed a resolution condemning the Government's policy. Brisbane, October 6. At the annual conference of the Australian Natives' Association a resolution in favour of federation was carried.

Melbourne, October 6. In the Legislative Assembly Sir Bryan O'Loghlen proposed a motion in favour of retrenchment. The Government has decided to reduce the salaries of all civil servants receiving over £300 a year. Sydney, October 6. The Labour Electoral League has passed a resolution condemning the Government's policy. Brisbane, October 6. At the annual conference of the Australian Natives' Association a resolution in favour of federation was carried.

Melbourne, October 6. In the Legislative Assembly Sir Bryan O'Loghlen proposed a motion in favour of retrenchment. The Government has decided to reduce the salaries of all civil servants receiving over £300 a year. Sydney, October 6. The Labour Electoral League has passed a resolution condemning the Government's policy. Brisbane, October 6. At the annual conference of the Australian Natives' Association a resolution in favour of federation was carried.

Melbourne, October 6. In the Legislative Assembly Sir Bryan O'Loghlen proposed a motion in favour of retrenchment. The Government has decided to reduce the salaries of all civil servants receiving over £300 a year. Sydney, October 6. The Labour Electoral League has passed a resolution condemning the Government's policy. Brisbane, October 6. At the annual conference of the Australian Natives' Association a resolution in favour of federation was carried.

Melbourne, October 6. In the Legislative Assembly Sir Bryan O'Loghlen proposed a motion in favour of retrenchment. The Government has decided to reduce the salaries of all civil servants receiving over £300 a year. Sydney, October 6. The Labour Electoral League has passed a resolution condemning the Government's policy. Brisbane, October 6. At the annual conference of the Australian Natives' Association a resolution in favour of federation was carried.

Melbourne, October 6. In the Legislative Assembly Sir Bryan O'Loghlen proposed a motion in favour of retrenchment. The Government has decided to reduce the salaries of all civil servants receiving over £300 a year. Sydney, October 6. The Labour Electoral League has passed a resolution condemning the Government's policy. Brisbane, October 6. At the annual conference of the Australian Natives' Association a resolution in favour of federation was carried.

Melbourne, October 6. In the Legislative Assembly Sir Bryan O'Loghlen proposed a motion in favour of retrenchment. The Government has decided to reduce the salaries of all civil servants receiving over £300 a year. Sydney, October 6. The Labour Electoral League has passed a resolution condemning the Government's policy. Brisbane, October 6. At the annual conference of the Australian Natives' Association a resolution in favour of federation was carried.
